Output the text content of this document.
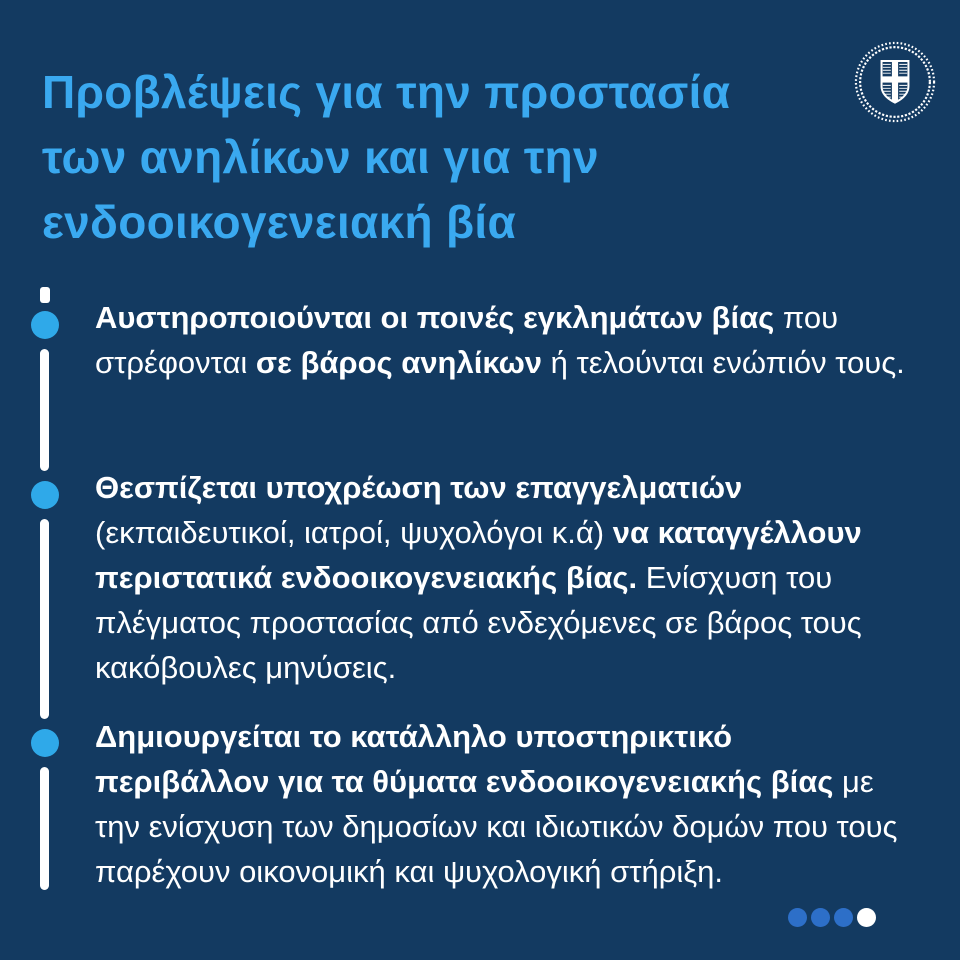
Προβλέψεις για την προστασία
των ανηλίκων και για την
ενδοοικογενειακή βία

Αυστηροποιούνται οι ποινές εγκλημάτων βίας που στρέφονται σε βάρος ανηλίκων ή τελούνται ενώπιόν τους.

Θεσπίζεται υποχρέωση των επαγγελματιών (εκπαιδευτικοί, ιατροί, ψυχολόγοι κ.ά) να καταγγέλλουν περιστατικά ενδοοικογενειακής βίας. Ενίσχυση του πλέγματος προστασίας από ενδεχόμενες σε βάρος τους κακόβουλες μηνύσεις.

Δημιουργείται το κατάλληλο υποστηρικτικό περιβάλλον για τα θύματα ενδοοικογενειακής βίας με την ενίσχυση των δημοσίων και ιδιωτικών δομών που τους παρέχουν οικονομική και ψυχολογική στήριξη.
